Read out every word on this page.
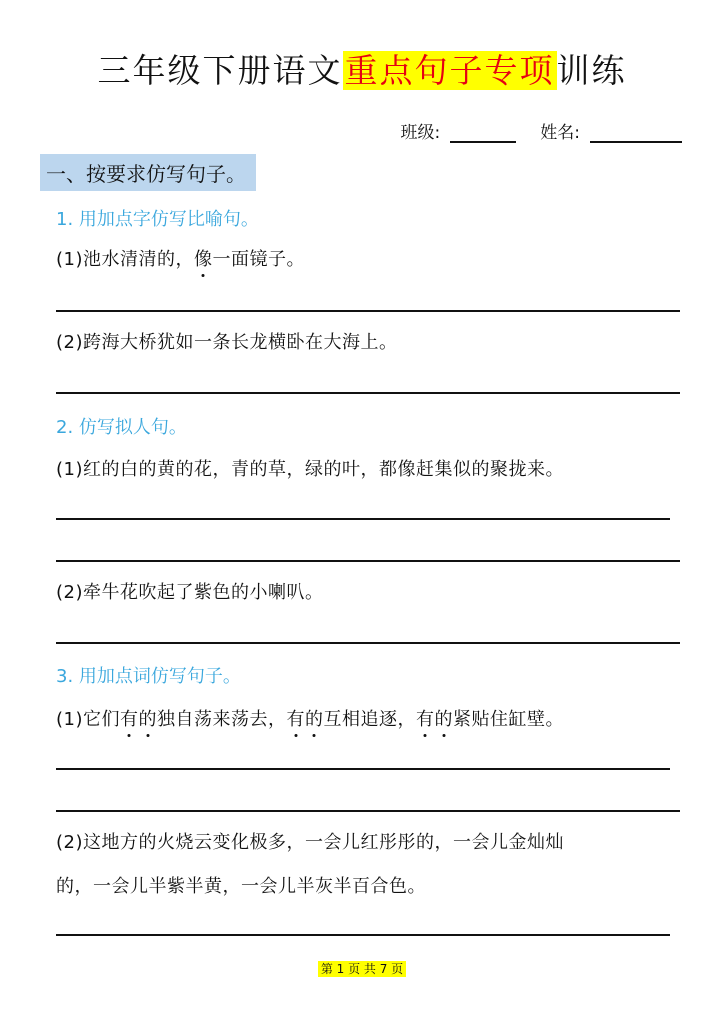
三年级下册语文重点句子专项训练
班级:	姓名:
一、按要求仿写句子。
1. 用加点字仿写比喻句。
(1)池水清清的，像一面镜子。
(2)跨海大桥犹如一条长龙横卧在大海上。
2. 仿写拟人句。
(1)红的白的黄的花，青的草，绿的叶，都像赶集似的聚拢来。
(2)牵牛花吹起了紫色的小喇叭。
3. 用加点词仿写句子。
(1)它们有的独自荡来荡去，有的互相追逐，有的紧贴住缸壁。
(2)这地方的火烧云变化极多，一会儿红彤彤的，一会儿金灿灿
的，一会儿半紫半黄，一会儿半灰半百合色。
第 1 页 共 7 页
